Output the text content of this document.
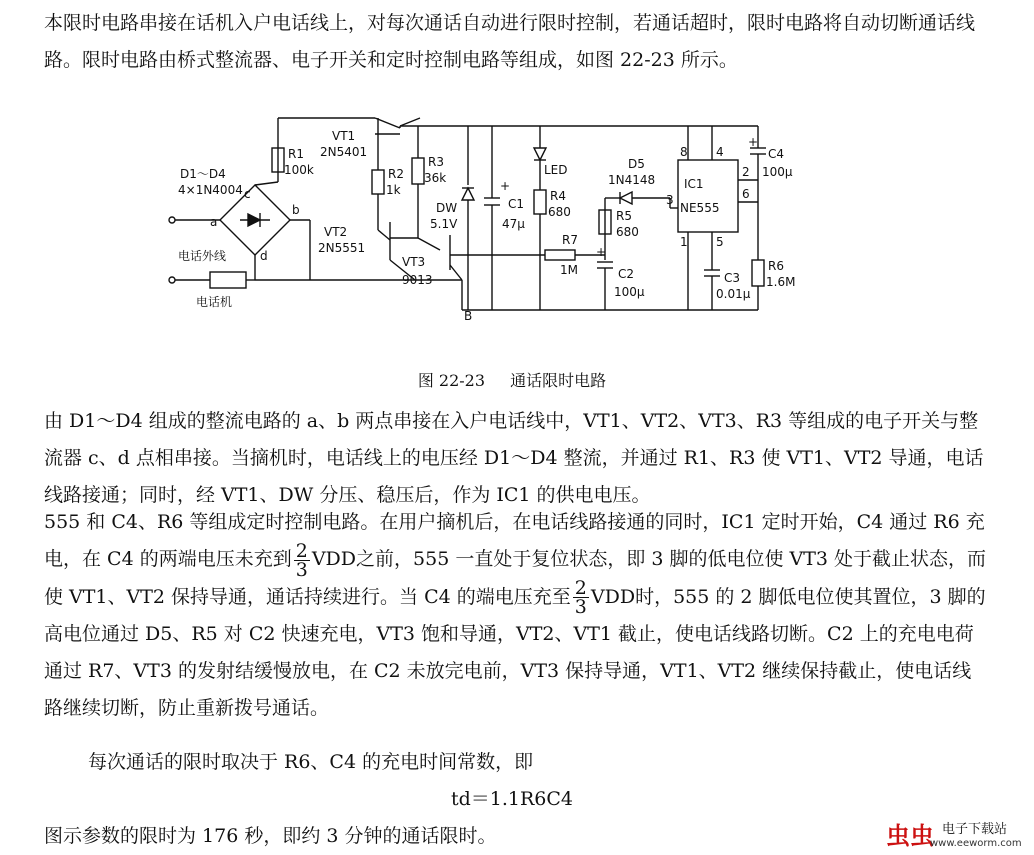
本限时电路串接在话机入户电话线上，对每次通话自动进行限时控制，若通话超时，限时电路将自动切断通话线路。限时电路由桥式整流器、电子开关和定时控制电路等组成，如图 22-23 所示。

D1～D4
4×1N4004
a
b
c
d
电话外线
电话机
R1
100k
VT1
2N5401
R2
1k
R3
36k
VT2
2N5551
VT3
9013
DW
5.1V
+
C1
47μ
LED
R4
680
R7
1M
D5
1N4148
R5
680
+
C2
100μ
IC1
NE555
8 4
2
3	6
1 5
C3
0.01μ
+
C4
100μ
R6
1.6M
B
图 22-23 通话限时电路

由 D1～D4 组成的整流电路的 a、b 两点串接在入户电话线中，VT1、VT2、VT3、R3 等组成的电子开关与整流器 c、d 点相串接。当摘机时，电话线上的电压经 D1～D4 整流，并通过 R1、R3 使 VT1、VT2 导通，电话线路接通；同时，经 VT1、DW 分压、稳压后，作为 IC1 的供电电压。

555 和 C4、R6 等组成定时控制电路。在用户摘机后，在电话线路接通的同时，IC1 定时开始，C4 通过 R6 充电，在 C4 的两端电压未充到 $\frac{2}{3}$ VDD之前，555 一直处于复位状态，即 3 脚的低电位使 VT3 处于截止状态，而使 VT1、VT2 保持导通，通话持续进行。当 C4 的端电压充至 $\frac{2}{3}$ VDD时，555 的 2 脚低电位使其置位，3 脚的高电位通过 D5、R5 对 C2 快速充电，VT3 饱和导通，VT2、VT1 截止，使电话线路切断。C2 上的充电电荷通过 R7、VT3 的发射结缓慢放电，在 C2 未放完电前，VT3 保持导通，VT1、VT2 继续保持截止，使电话线路继续切断，防止重新拨号通话。

每次通话的限时取决于 R6、C4 的充电时间常数，即

td＝1.1R6C4

图示参数的限时为 176 秒，即约 3 分钟的通话限时。	虫虫 电子下载站
www.eeworm.com
